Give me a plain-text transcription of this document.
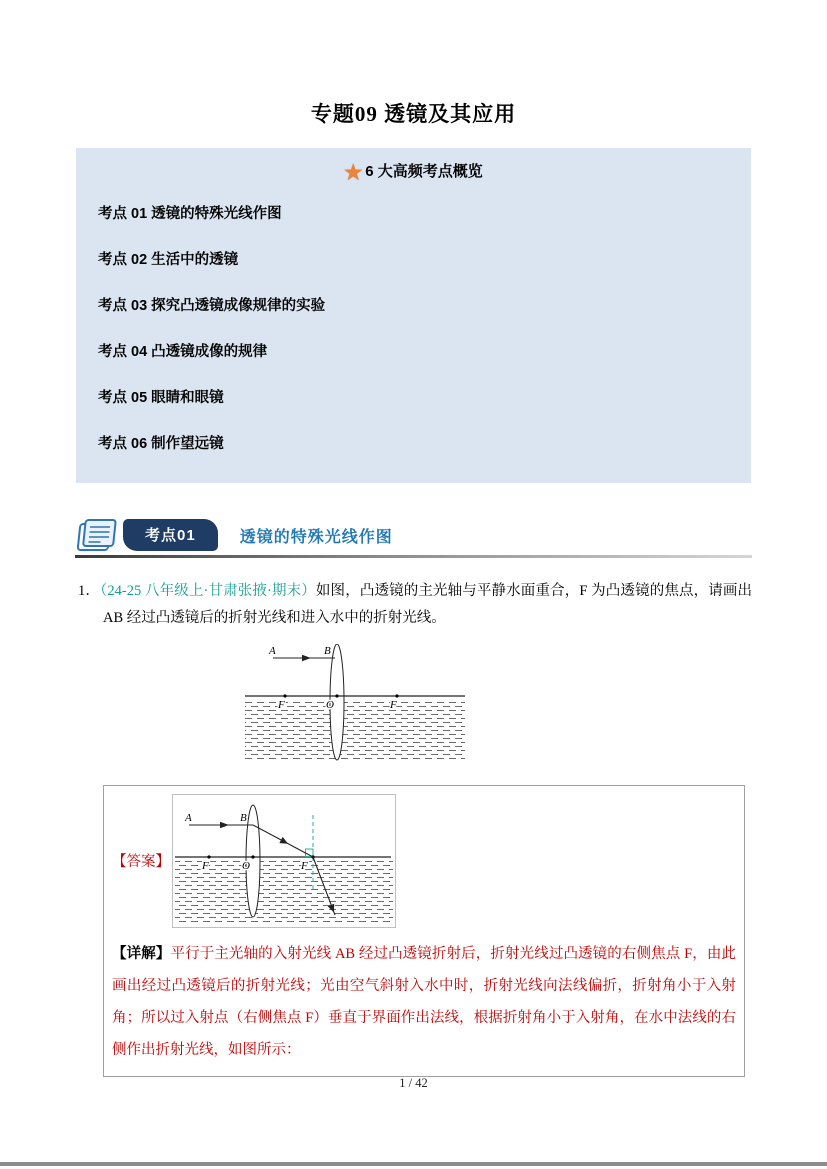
专题09 透镜及其应用
★ 6 大高频考点概览
考点 01 透镜的特殊光线作图
考点 02 生活中的透镜
考点 03 探究凸透镜成像规律的实验
考点 04 凸透镜成像的规律
考点 05 眼睛和眼镜
考点 06 制作望远镜
考点01	透镜的特殊光线作图

1．（24-25 八年级上·甘肃张掖·期末）如图，凸透镜的主光轴与平静水面重合，F 为凸透镜的焦点，请画出 AB 经过凸透镜后的折射光线和进入水中的折射光线。

A	B
F	O	F
【答案】
A	B
F	O	F

【详解】平行于主光轴的入射光线 AB 经过凸透镜折射后，折射光线过凸透镜的右侧焦点 F，由此画出经过凸透镜后的折射光线；光由空气斜射入水中时，折射光线向法线偏折，折射角小于入射角；所以过入射点（右侧焦点 F）垂直于界面作出法线，根据折射角小于入射角，在水中法线的右侧作出折射光线，如图所示：

1 / 42
